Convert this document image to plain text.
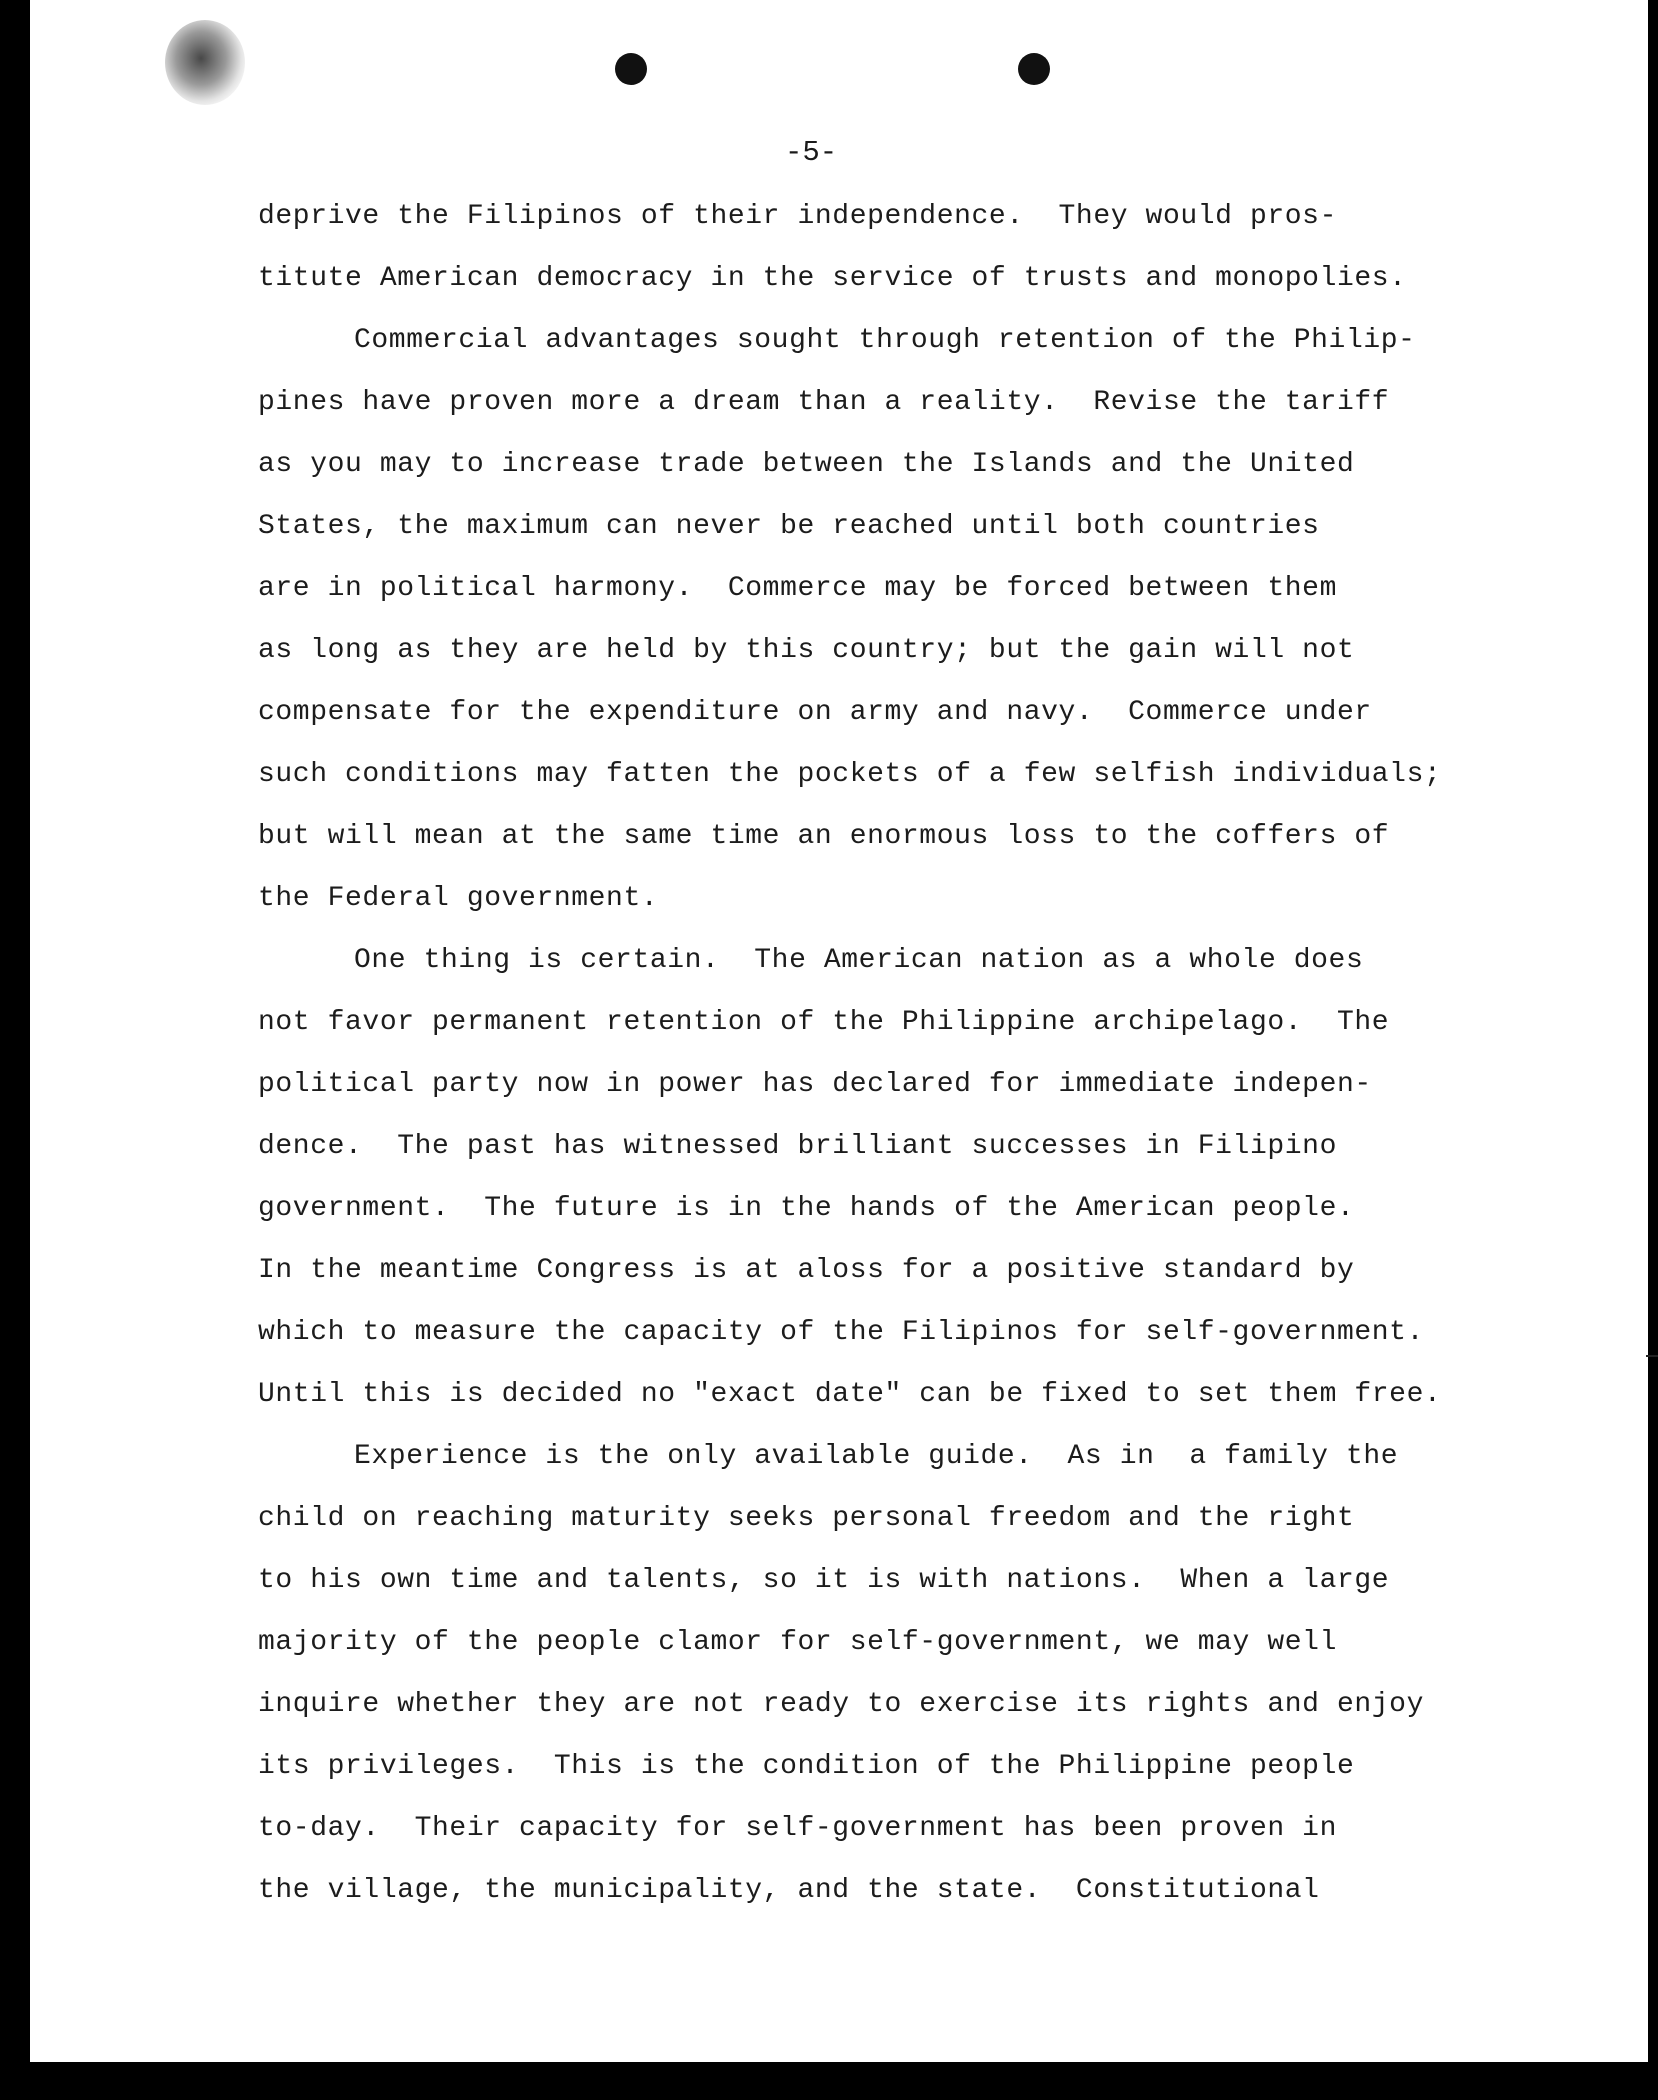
-5-
deprive the Filipinos of their independence.  They would pros-
titute American democracy in the service of trusts and monopolies.
Commercial advantages sought through retention of the Philip-
pines have proven more a dream than a reality.  Revise the tariff
as you may to increase trade between the Islands and the United
States, the maximum can never be reached until both countries
are in political harmony.  Commerce may be forced between them
as long as they are held by this country; but the gain will not
compensate for the expenditure on army and navy.  Commerce under
such conditions may fatten the pockets of a few selfish individuals;
but will mean at the same time an enormous loss to the coffers of
the Federal government.
One thing is certain.  The American nation as a whole does
not favor permanent retention of the Philippine archipelago.  The
political party now in power has declared for immediate indepen-
dence.  The past has witnessed brilliant successes in Filipino
government.  The future is in the hands of the American people.
In the meantime Congress is at aloss for a positive standard by
which to measure the capacity of the Filipinos for self-government.
Until this is decided no "exact date" can be fixed to set them free.
Experience is the only available guide.  As in  a family the
child on reaching maturity seeks personal freedom and the right
to his own time and talents, so it is with nations.  When a large
majority of the people clamor for self-government, we may well
inquire whether they are not ready to exercise its rights and enjoy
its privileges.  This is the condition of the Philippine people
to-day.  Their capacity for self-government has been proven in
the village, the municipality, and the state.  Constitutional
